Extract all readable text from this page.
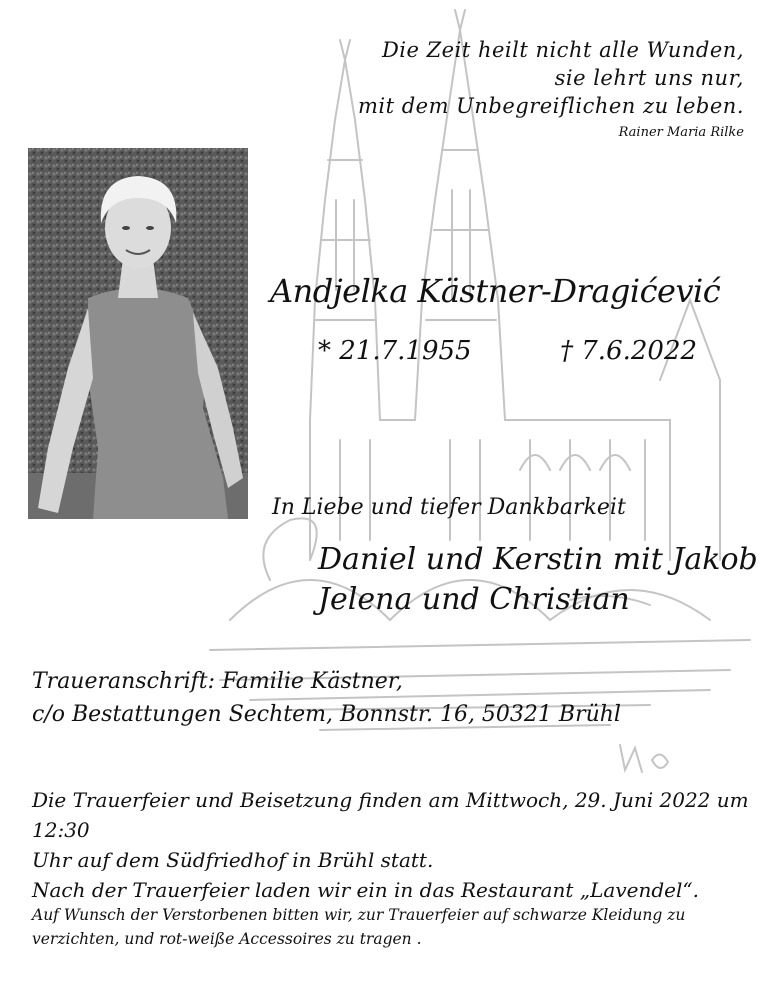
Die Zeit heilt nicht alle Wunden,
sie lehrt uns nur,
mit dem Unbegreiflichen zu leben.
Rainer Maria Rilke
Andjelka Kästner-Dragićević
* 21.7.1955	† 7.6.2022
In Liebe und tiefer Dankbarkeit
Daniel und Kerstin mit Jakob
Jelena und Christian
Traueranschrift: Familie Kästner,
c/o Bestattungen Sechtem, Bonnstr. 16, 50321 Brühl
Die Trauerfeier und Beisetzung finden am Mittwoch, 29. Juni 2022 um 12:30
Uhr auf dem Südfriedhof in Brühl statt.
Nach der Trauerfeier laden wir ein in das Restaurant „Lavendel“.
Auf Wunsch der Verstorbenen bitten wir, zur Trauerfeier auf schwarze Kleidung zu
verzichten, und rot-weiße Accessoires zu tragen .
